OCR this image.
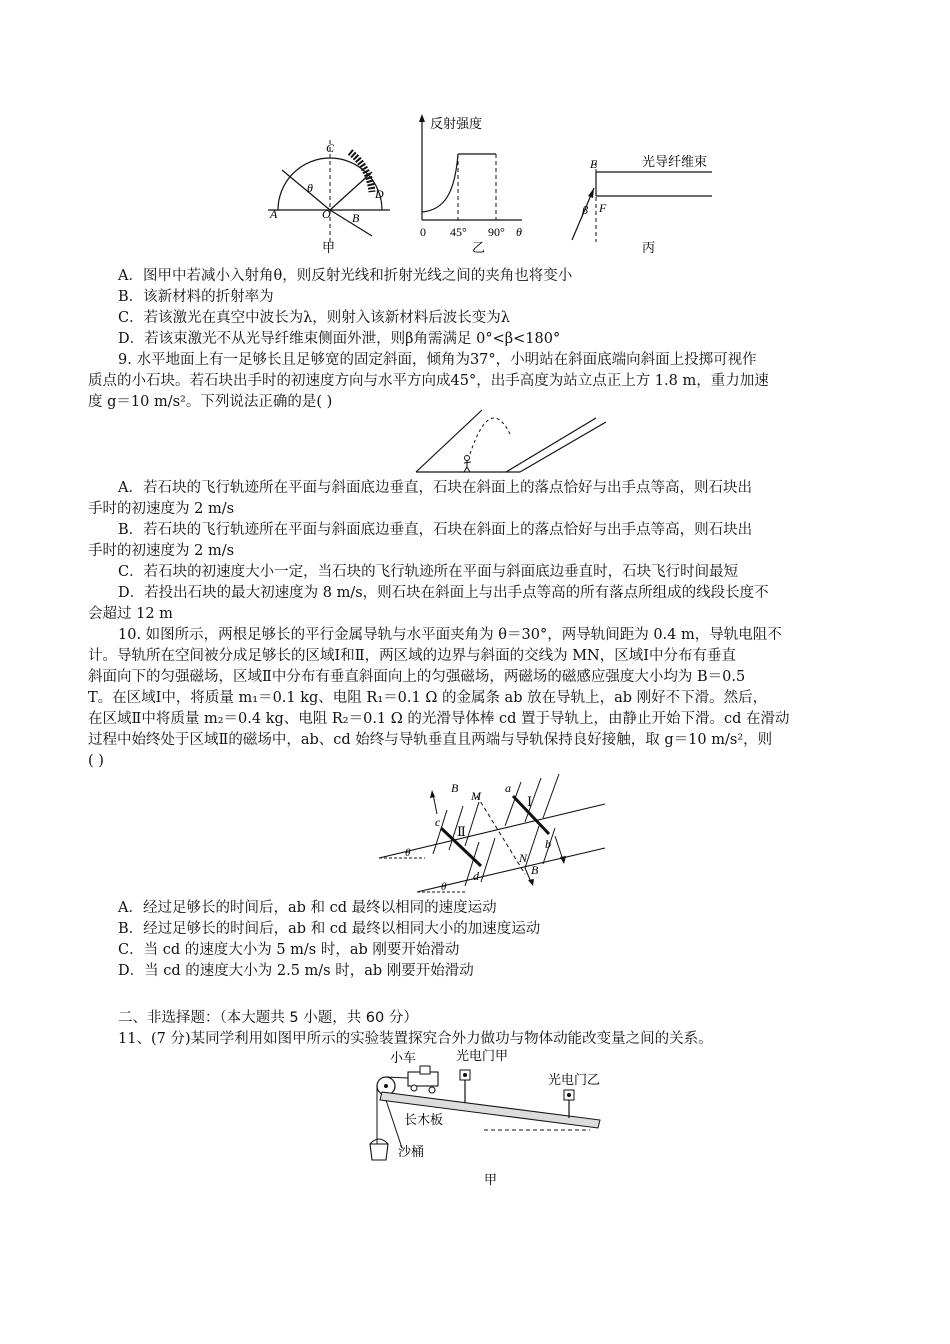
A	O B
C
D
θ
甲
反射强度
0 45° 90° θ
乙
光导纤维束
E
F
β
丙
A．图甲中若减小入射角θ，则反射光线和折射光线之间的夹角也将变小
B．该新材料的折射率为
C．若该激光在真空中波长为λ，则射入该新材料后波长变为λ
D．若该束激光不从光导纤维束侧面外泄，则β角需满足 0°<β<180°
9. 水平地面上有一足够长且足够宽的固定斜面，倾角为37°，小明站在斜面底端向斜面上投掷可视作
质点的小石块。若石块出手时的初速度方向与水平方向成45°，出手高度为站立点正上方 1.8 m，重力加速
度 g＝10 m/s²。下列说法正确的是( )
A．若石块的飞行轨迹所在平面与斜面底边垂直，石块在斜面上的落点恰好与出手点等高，则石块出
手时的初速度为 2 m/s
B．若石块的飞行轨迹所在平面与斜面底边垂直，石块在斜面上的落点恰好与出手点等高，则石块出
手时的初速度为 2 m/s
C．若石块的初速度大小一定，当石块的飞行轨迹所在平面与斜面底边垂直时，石块飞行时间最短
D．若投出石块的最大初速度为 8 m/s，则石块在斜面上与出手点等高的所有落点所组成的线段长度不
会超过 12 m
10. 如图所示，两根足够长的平行金属导轨与水平面夹角为 θ＝30°，两导轨间距为 0.4 m，导轨电阻不
计。导轨所在空间被分成足够长的区域Ⅰ和Ⅱ，两区域的边界与斜面的交线为 MN，区域Ⅰ中分布有垂直
斜面向下的匀强磁场，区域Ⅱ中分布有垂直斜面向上的匀强磁场，两磁场的磁感应强度大小均为 B＝0.5
T。在区域Ⅰ中，将质量 m₁＝0.1 kg、电阻 R₁＝0.1 Ω 的金属条 ab 放在导轨上，ab 刚好不下滑。然后，
在区域Ⅱ中将质量 m₂＝0.4 kg、电阻 R₂＝0.1 Ω 的光滑导体棒 cd 置于导轨上，由静止开始下滑。cd 在滑动
过程中始终处于区域Ⅱ的磁场中，ab、cd 始终与导轨垂直且两端与导轨保持良好接触，取 g＝10 m/s²，则
( )
B
M
a
Ⅰ
c
Ⅱ
b
N
d	B
θ
θ
A．经过足够长的时间后，ab 和 cd 最终以相同的速度运动
B．经过足够长的时间后，ab 和 cd 最终以相同大小的加速度运动
C．当 cd 的速度大小为 5 m/s 时，ab 刚要开始滑动
D．当 cd 的速度大小为 2.5 m/s 时，ab 刚要开始滑动
二、非选择题：（本大题共 5 小题，共 60 分）
11、(7 分)某同学利用如图甲所示的实验装置探究合外力做功与物体动能改变量之间的关系。
小车	光电门甲
光电门乙
长木板
沙桶
甲
